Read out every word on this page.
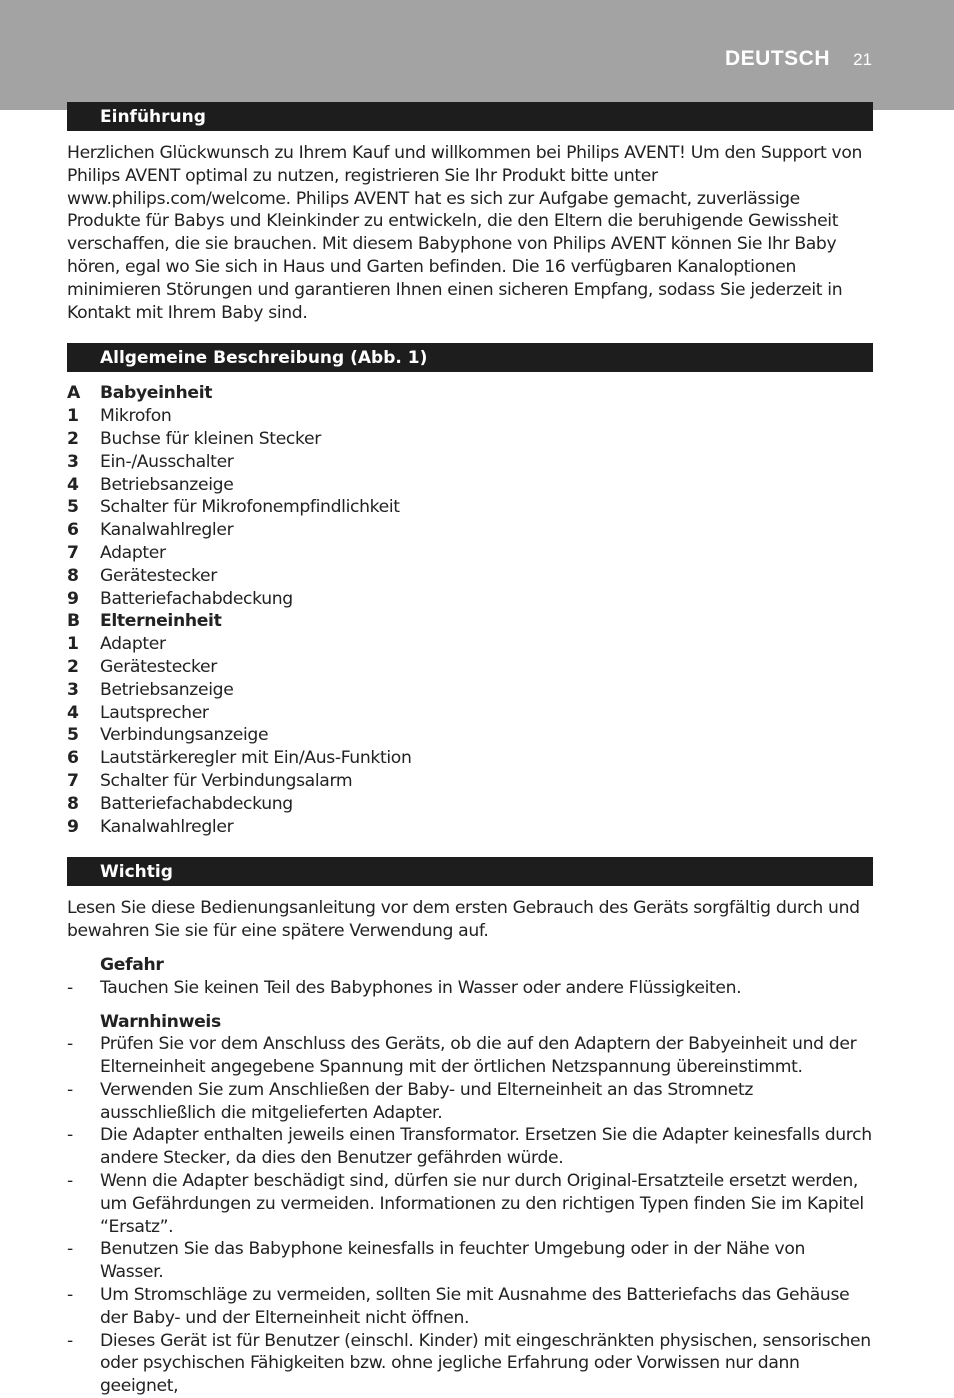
DEUTSCH 21
Einführung

Herzlichen Glückwunsch zu Ihrem Kauf und willkommen bei Philips AVENT! Um den Support von Philips AVENT optimal zu nutzen, registrieren Sie Ihr Produkt bitte unter www.philips.com/welcome. Philips AVENT hat es sich zur Aufgabe gemacht, zuverlässige Produkte für Babys und Kleinkinder zu entwickeln, die den Eltern die beruhigende Gewissheit verschaffen, die sie brauchen. Mit diesem Babyphone von Philips AVENT können Sie Ihr Baby hören, egal wo Sie sich in Haus und Garten befinden. Die 16 verfügbaren Kanaloptionen minimieren Störungen und garantieren Ihnen einen sicheren Empfang, sodass Sie jederzeit in Kontakt mit Ihrem Baby sind.

Allgemeine Beschreibung (Abb. 1)
A	Babyeinheit
1	Mikrofon
2	Buchse für kleinen Stecker
3	Ein-/Ausschalter
4	Betriebsanzeige
5	Schalter für Mikrofonempfindlichkeit
6	Kanalwahlregler
7	Adapter
8	Gerätestecker
9	Batteriefachabdeckung
B	Elterneinheit
1	Adapter
2	Gerätestecker
3	Betriebsanzeige
4	Lautsprecher
5	Verbindungsanzeige
6	Lautstärkeregler mit Ein/Aus-Funktion
7	Schalter für Verbindungsalarm
8	Batteriefachabdeckung
9	Kanalwahlregler
Wichtig

Lesen Sie diese Bedienungsanleitung vor dem ersten Gebrauch des Geräts sorgfältig durch und bewahren Sie sie für eine spätere Verwendung auf.

Gefahr
-	Tauchen Sie keinen Teil des Babyphones in Wasser oder andere Flüssigkeiten.
Warnhinweis
-	Prüfen Sie vor dem Anschluss des Geräts, ob die auf den Adaptern der Babyeinheit und der Elterneinheit angegebene Spannung mit der örtlichen Netzspannung übereinstimmt.
-	Verwenden Sie zum Anschließen der Baby- und Elterneinheit an das Stromnetz ausschließlich die mitgelieferten Adapter.
-	Die Adapter enthalten jeweils einen Transformator. Ersetzen Sie die Adapter keinesfalls durch andere Stecker, da dies den Benutzer gefährden würde.
-	Wenn die Adapter beschädigt sind, dürfen sie nur durch Original-Ersatzteile ersetzt werden, um Gefährdungen zu vermeiden. Informationen zu den richtigen Typen finden Sie im Kapitel “Ersatz”.
-	Benutzen Sie das Babyphone keinesfalls in feuchter Umgebung oder in der Nähe von Wasser.
-	Um Stromschläge zu vermeiden, sollten Sie mit Ausnahme des Batteriefachs das Gehäuse der Baby- und der Elterneinheit nicht öffnen.
-	Dieses Gerät ist für Benutzer (einschl. Kinder) mit eingeschränkten physischen, sensorischen oder psychischen Fähigkeiten bzw. ohne jegliche Erfahrung oder Vorwissen nur dann geeignet,
